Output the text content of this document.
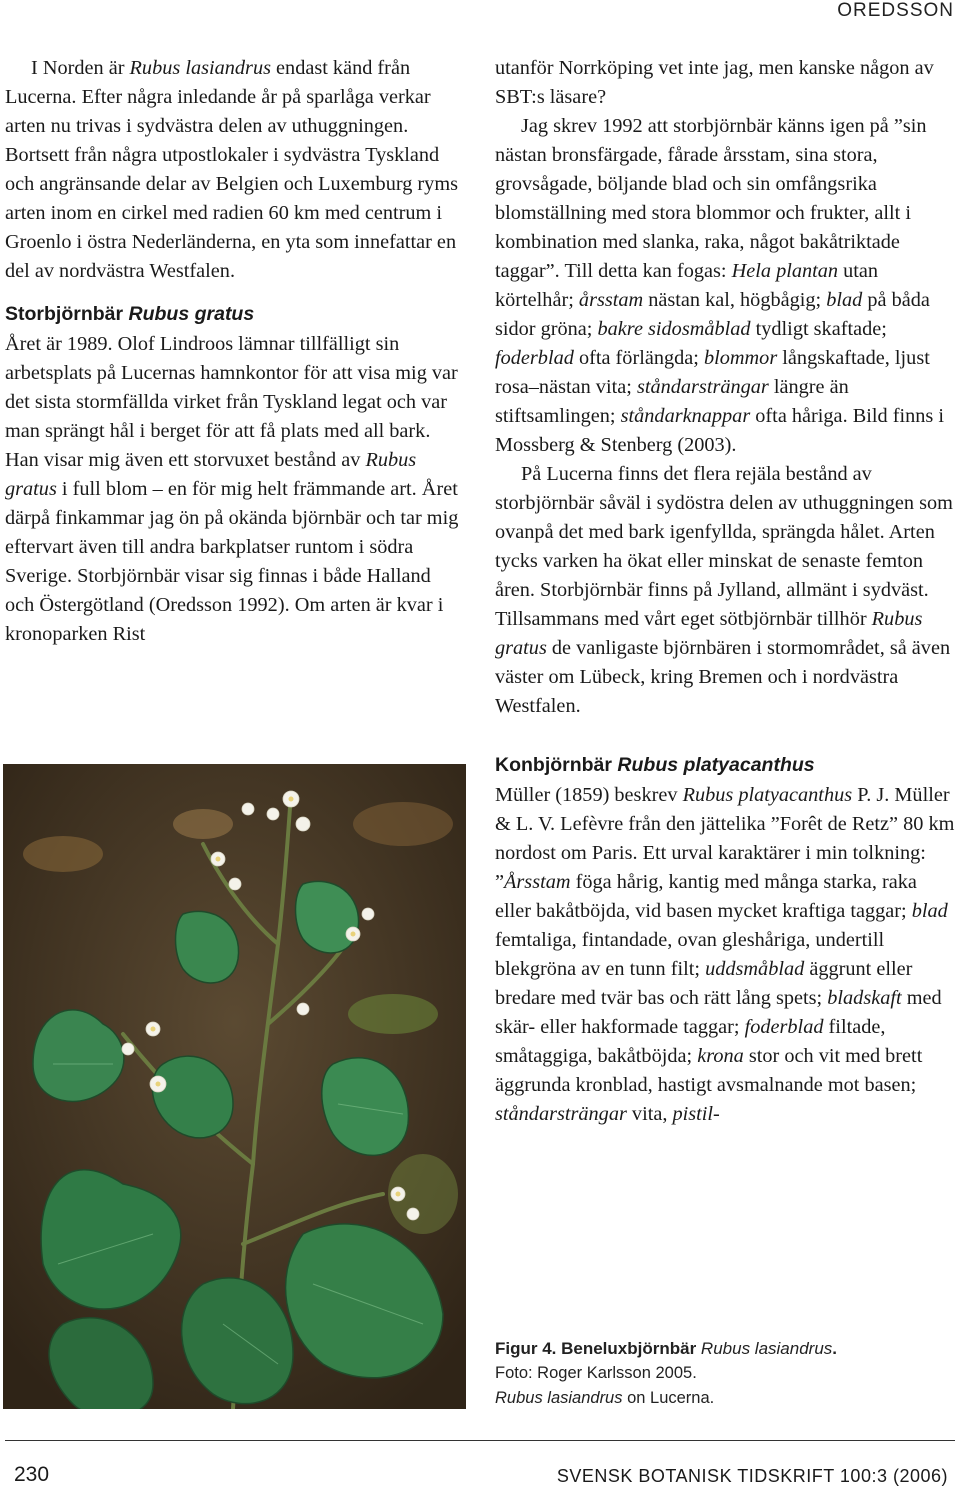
OREDSSON

I Norden är Rubus lasiandrus endast känd från Lucerna. Efter några inledande år på sparlåga verkar arten nu trivas i sydvästra delen av uthuggningen. Bortsett från några utpostlokaler i sydvästra Tyskland och angränsande delar av Belgien och Luxemburg ryms arten inom en cirkel med radien 60 km med centrum i Groenlo i östra Nederländerna, en yta som innefattar en del av nordvästra Westfalen.

Storbjörnbär Rubus gratus

Året är 1989. Olof Lindroos lämnar tillfälligt sin arbetsplats på Lucernas hamnkontor för att visa mig var det sista stormfällda virket från Tyskland legat och var man sprängt hål i berget för att få plats med all bark. Han visar mig även ett storvuxet bestånd av Rubus gratus i full blom – en för mig helt främmande art. Året därpå finkammar jag ön på okända björnbär och tar mig eftervart även till andra barkplatser runtom i södra Sverige. Storbjörnbär visar sig finnas i både Halland och Östergötland (Oredsson 1992). Om arten är kvar i kronoparken Rist

utanför Norrköping vet inte jag, men kanske någon av SBT:s läsare?

Jag skrev 1992 att storbjörnbär känns igen på ”sin nästan bronsfärgade, fårade årsstam, sina stora, grovsågade, böljande blad och sin omfångsrika blomställning med stora blommor och frukter, allt i kombination med slanka, raka, något bakåtriktade taggar”. Till detta kan fogas: Hela plantan utan körtelhår; årsstam nästan kal, högbågig; blad på båda sidor gröna; bakre sidosmåblad tydligt skaftade; foderblad ofta förlängda; blommor långskaftade, ljust rosa–nästan vita; ståndarsträngar längre än stiftsamlingen; ståndarknappar ofta håriga. Bild finns i Mossberg & Stenberg (2003).

På Lucerna finns det flera rejäla bestånd av storbjörnbär såväl i sydöstra delen av uthuggningen som ovanpå det med bark igenfyllda, sprängda hålet. Arten tycks varken ha ökat eller minskat de senaste femton åren. Storbjörnbär finns på Jylland, allmänt i sydväst. Tillsammans med vårt eget sötbjörnbär tillhör Rubus gratus de vanligaste björnbären i stormområdet, så även väster om Lübeck, kring Bremen och i nordvästra Westfalen.

Konbjörnbär Rubus platyacanthus

Müller (1859) beskrev Rubus platyacanthus P. J. Müller & L. V. Lefèvre från den jättelika ”Forêt de Retz” 80 km nordost om Paris. Ett urval karaktärer i min tolkning: ”Årsstam föga hårig, kantig med många starka, raka eller bakåtböjda, vid basen mycket kraftiga taggar; blad femtaliga, fintandade, ovan gleshåriga, undertill blekgröna av en tunn filt; uddsmåblad äggrunt eller bredare med tvär bas och rätt lång spets; bladskaft med skär- eller hakformade taggar; foderblad filtade, småtaggiga, bakåtböjda; krona stor och vit med brett äggrunda kronblad, hastigt avsmalnande mot basen; ståndarsträngar vita, pistil-

Figur 4. Beneluxbjörnbär Rubus lasiandrus.
Foto: Roger Karlsson 2005.
Rubus lasiandrus on Lucerna.
230	SVENSK BOTANISK TIDSKRIFT 100:3 (2006)
